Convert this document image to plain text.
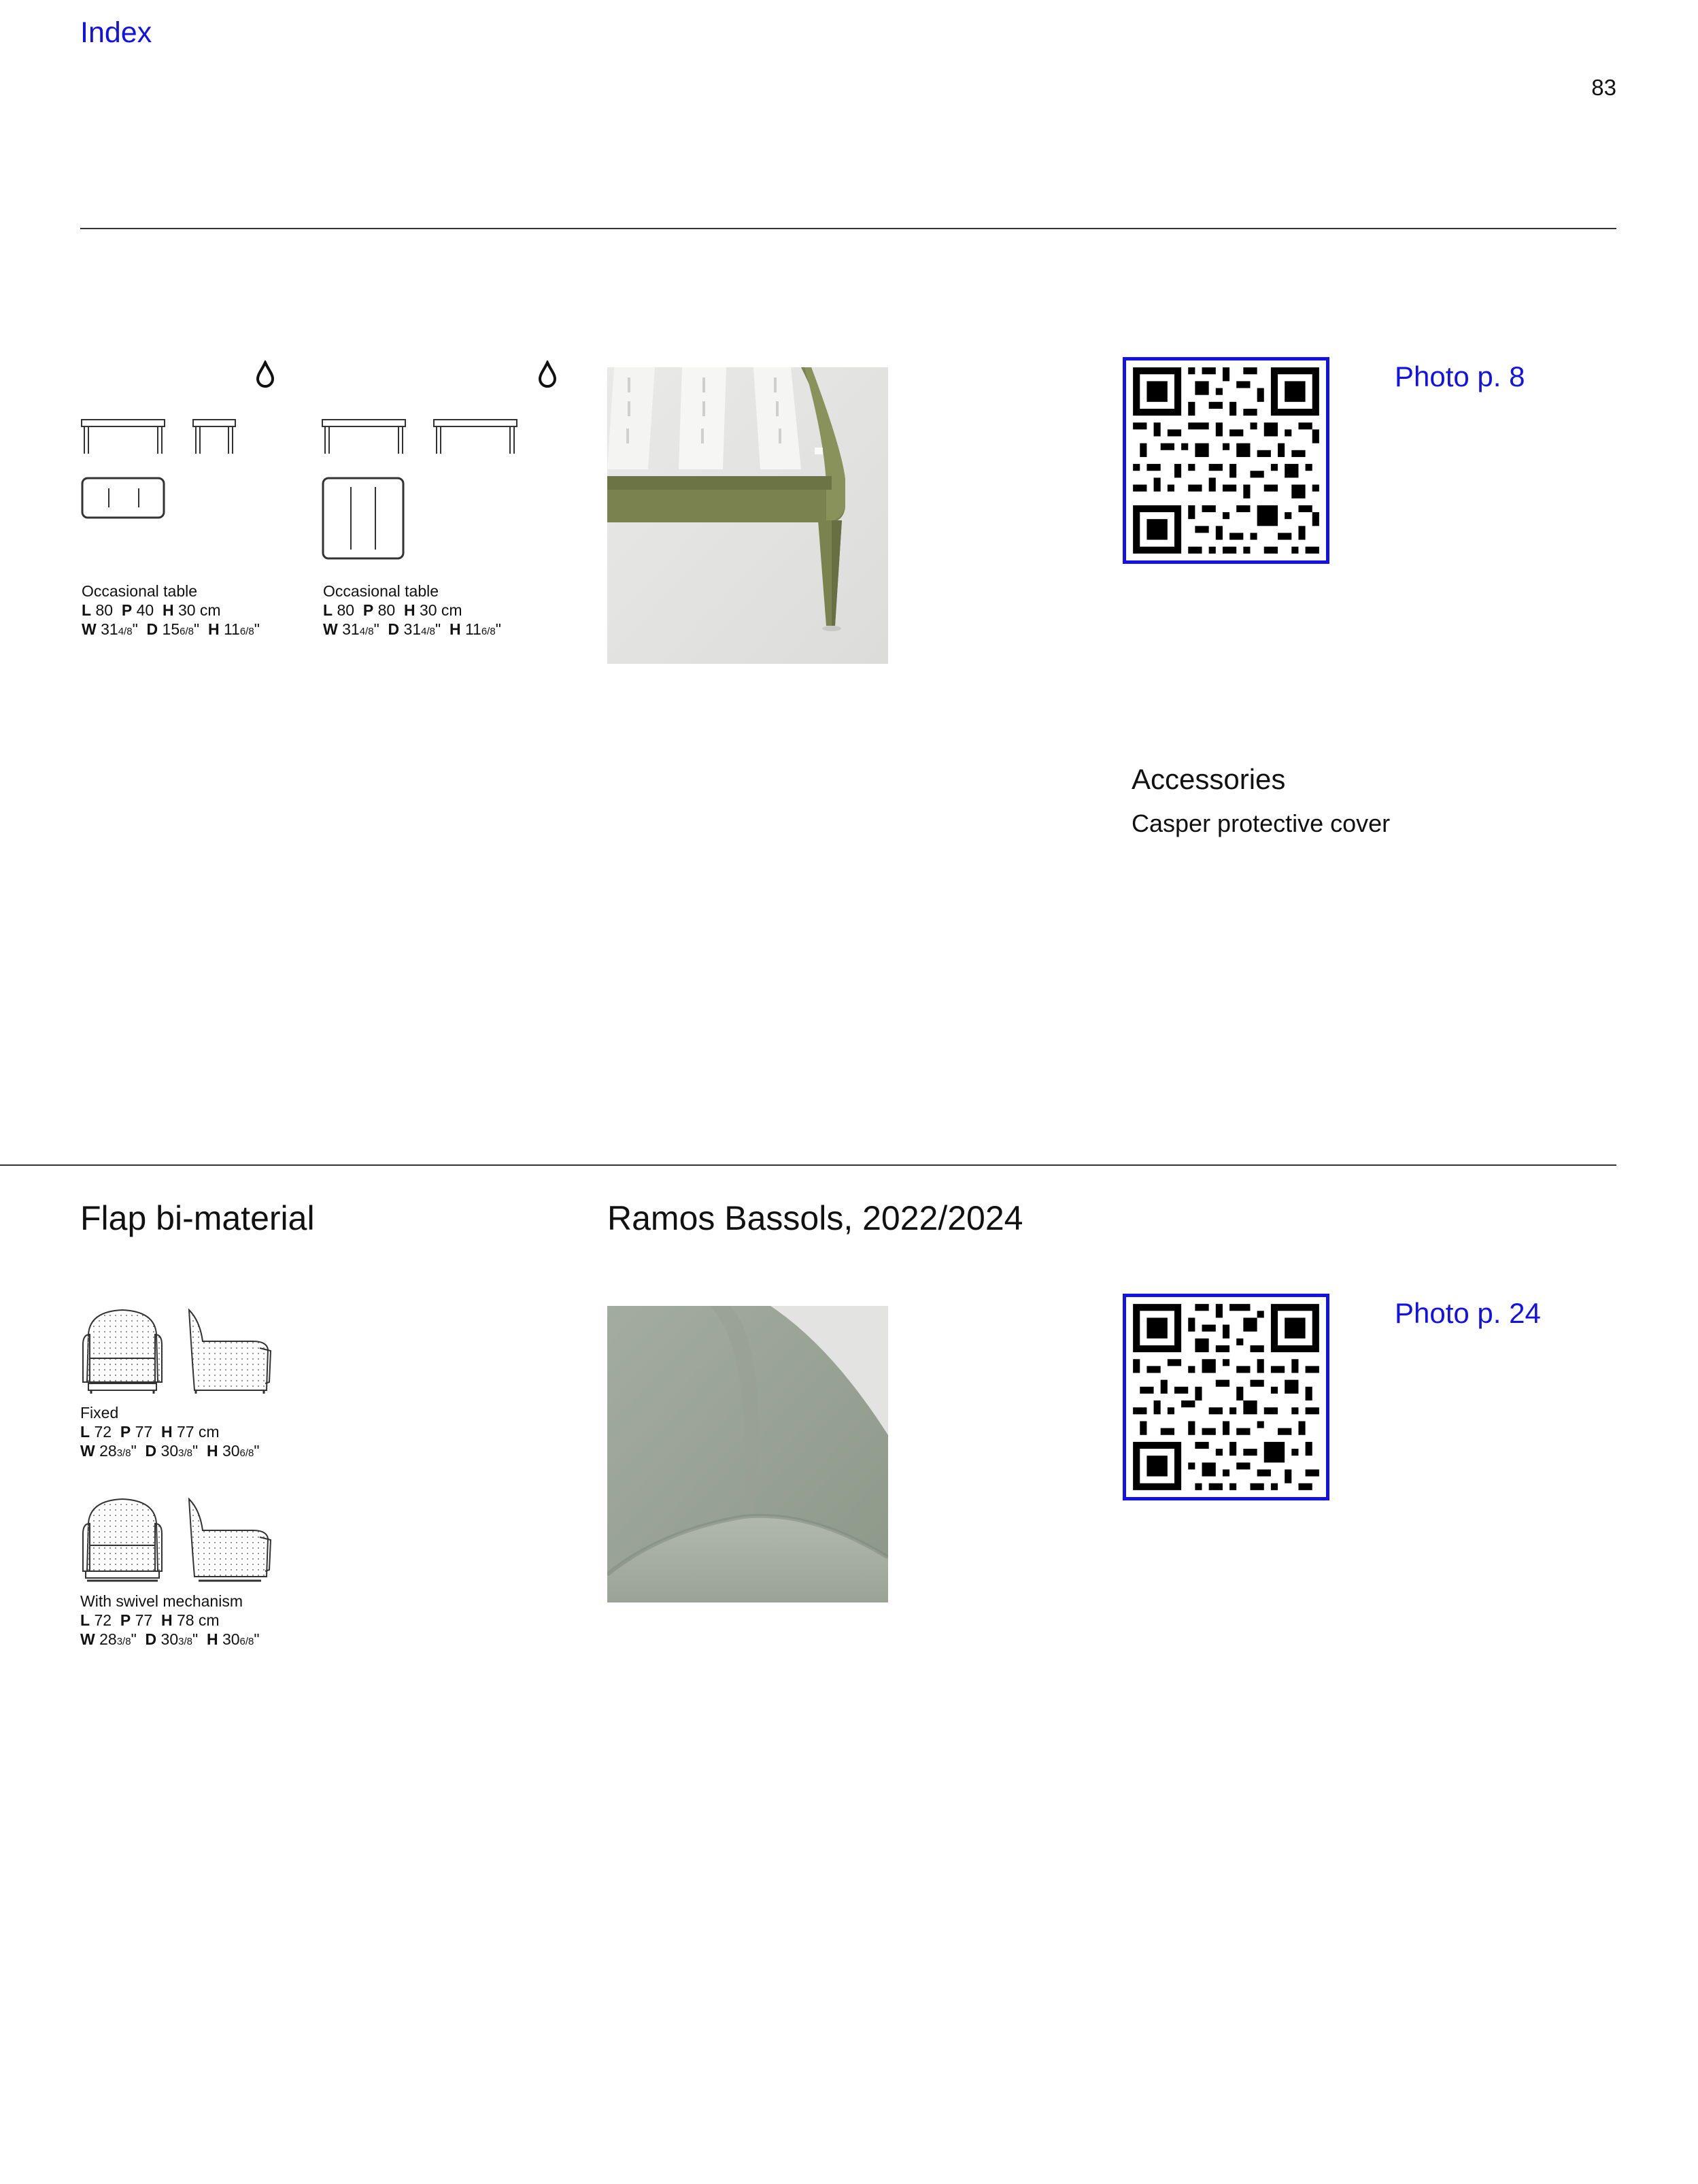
Index
83
Occasional table
L 80 P 40 H 30 cm
W 314/8"  D 156/8"  H 116/8"
Occasional table
L 80 P 80 H 30 cm
W 314/8"  D 314/8"  H 116/8"
Photo p. 8
Accessories
Casper protective cover
Flap bi-material	Ramos Bassols, 2022/2024
Fixed
L 72 P 77 H 77 cm
W 283/8"  D 303/8"  H 306/8"
With swivel mechanism
L 72 P 77 H 78 cm
W 283/8"  D 303/8"  H 306/8"
Photo p. 24
